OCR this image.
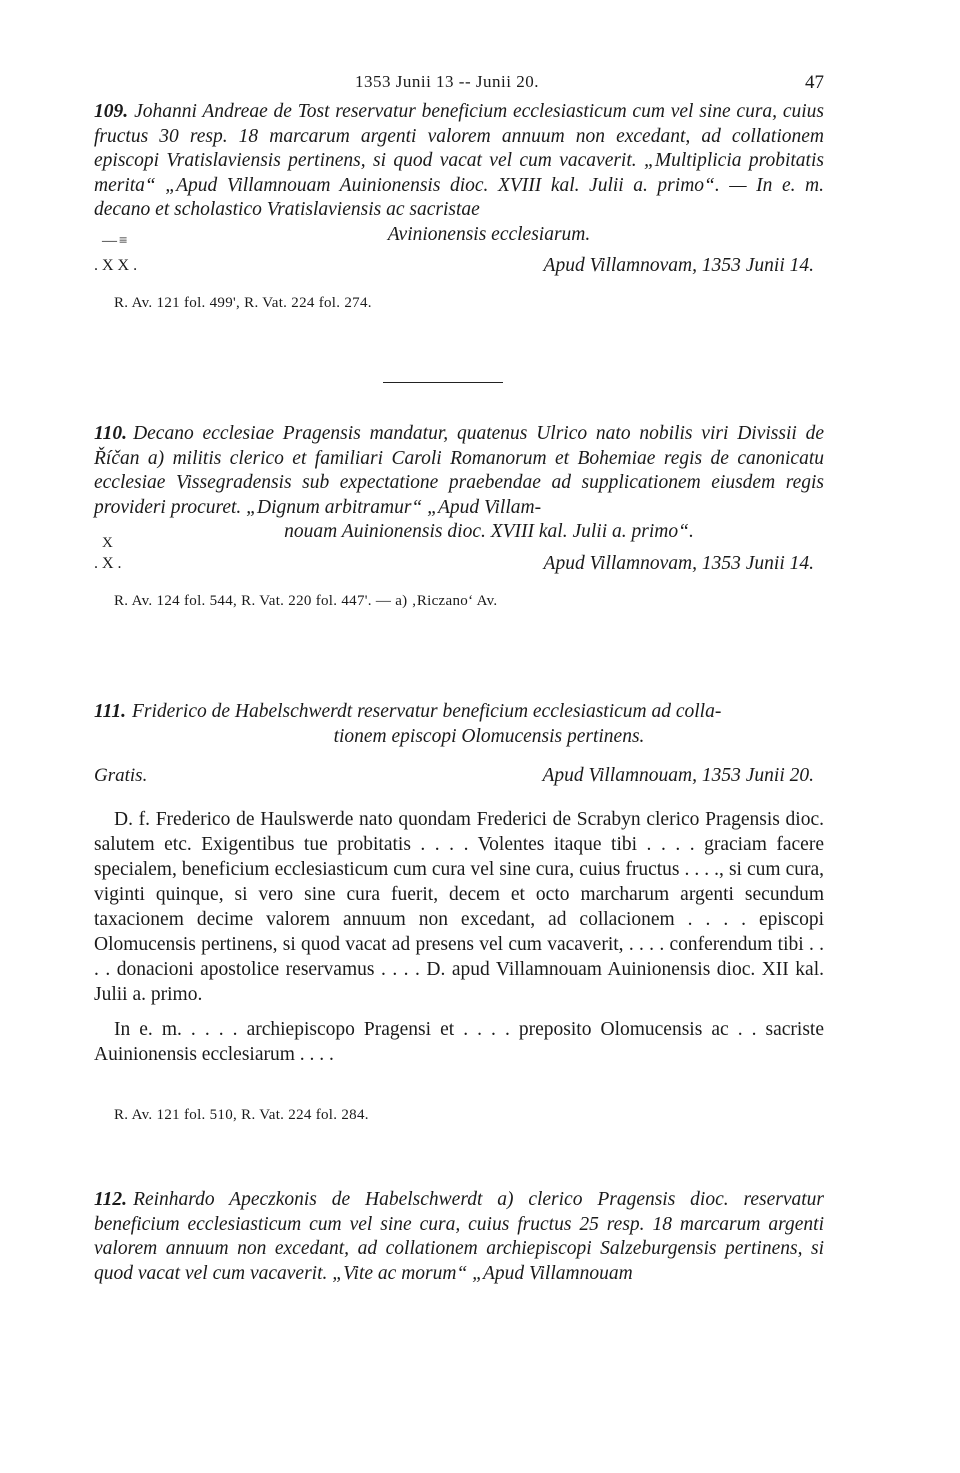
1353 Junii 13 -- Junii 20.	47

109. Johanni Andreae de Tost reservatur beneficium ecclesiasticum cum vel sine cura, cuius fructus 30 resp. 18 marcarum argenti valorem annuum non excedant, ad collationem episcopi Vratislaviensis pertinens, si quod vacat vel cum vacaverit. „Multiplicia probitatis merita“ „Apud Villamnouam Auinionensis dioc. XVIII kal. Julii a. primo“. — In e. m. decano et scholastico Vratislaviensis ac sacristae

Avinionensis ecclesiarum.

—≡
. X X .	Apud Villamnovam, 1353 Junii 14.

R. Av. 121 fol. 499', R. Vat. 224 fol. 274.

110. Decano ecclesiae Pragensis mandatur, quatenus Ulrico nato nobilis viri Divissii de Říčan a) militis clerico et familiari Caroli Romanorum et Bohemiae regis de canonicatu ecclesiae Vissegradensis sub expectatione praebendae ad supplicationem eiusdem regis provideri procuret. „Dignum arbitramur“ „Apud Villam-

nouam Auinionensis dioc. XVIII kal. Julii a. primo“.

X
. X .	Apud Villamnovam, 1353 Junii 14.

R. Av. 124 fol. 544, R. Vat. 220 fol. 447'. — a) ‚Riczano‘ Av.

111. Friderico de Habelschwerdt reservatur beneficium ecclesiasticum ad colla-

tionem episcopi Olomucensis pertinens.

Gratis.	Apud Villamnouam, 1353 Junii 20.

D. f. Frederico de Haulswerde nato quondam Frederici de Scrabyn clerico Pragensis dioc. salutem etc. Exigentibus tue probitatis . . . . Volentes itaque tibi . . . . graciam facere specialem, beneficium ecclesiasticum cum cura vel sine cura, cuius fructus . . . ., si cum cura, viginti quinque, si vero sine cura fuerit, decem et octo marcharum argenti secundum taxacionem decime valorem annuum non excedant, ad collacionem . . . . episcopi Olomucensis pertinens, si quod vacat ad presens vel cum vacaverit, . . . . conferendum tibi . . . . donacioni apostolice reservamus . . . . D. apud Villamnouam Auinionensis dioc. XII kal. Julii a. primo.

In e. m. . . . . archiepiscopo Pragensi et . . . . preposito Olomucensis ac . . sacriste Auinionensis ecclesiarum . . . .

R. Av. 121 fol. 510, R. Vat. 224 fol. 284.

112. Reinhardo Apeczkonis de Habelschwerdt a) clerico Pragensis dioc. reservatur beneficium ecclesiasticum cum vel sine cura, cuius fructus 25 resp. 18 marcarum argenti valorem annuum non excedant, ad collationem archiepiscopi Salzeburgensis pertinens, si quod vacat vel cum vacaverit. „Vite ac morum“ „Apud Villamnouam
